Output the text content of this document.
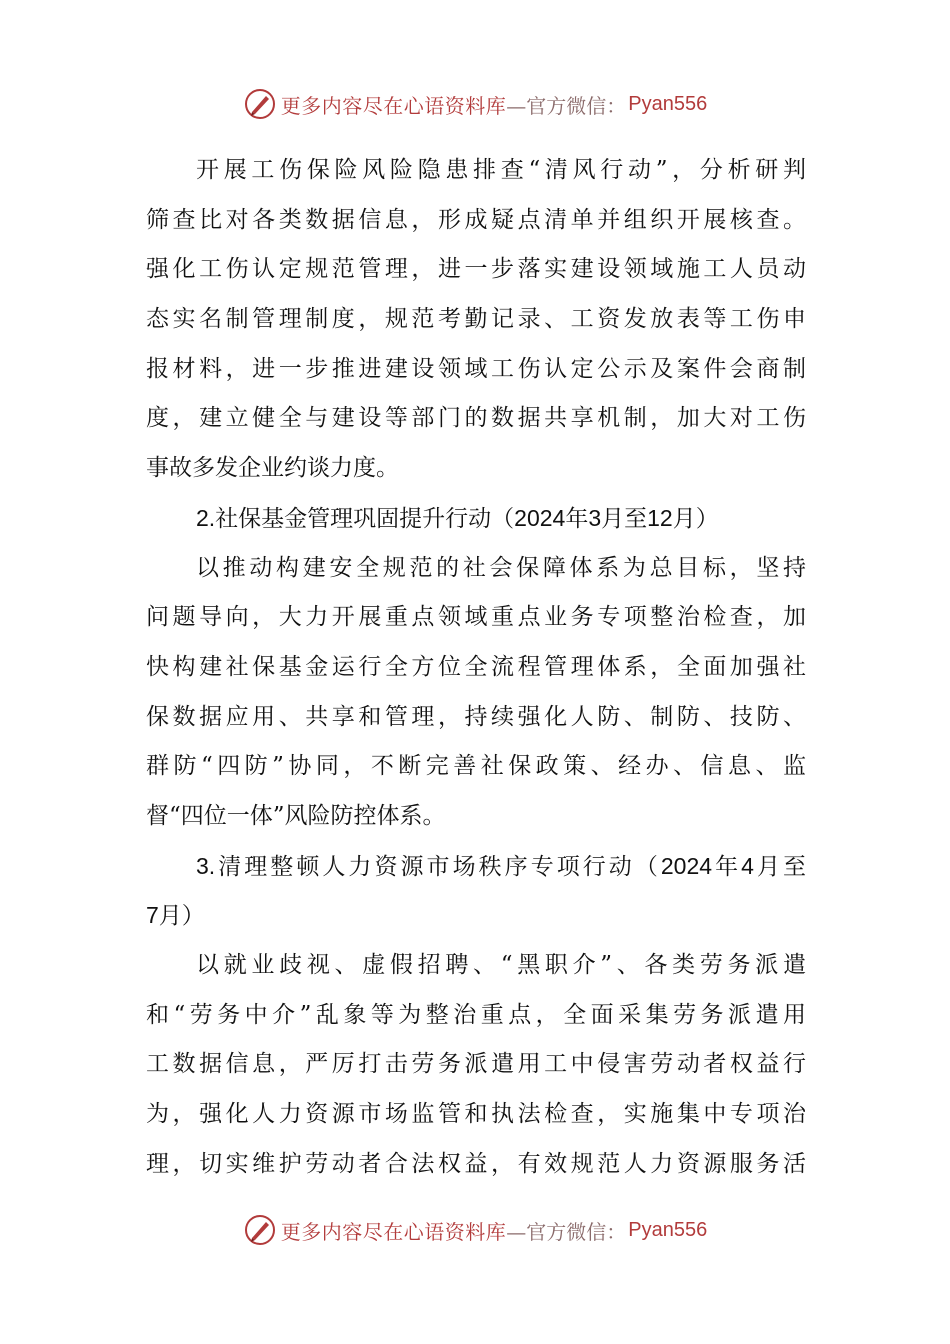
更多内容尽在心语资料库 —官方微信： Pyan556
开展工伤保险风险隐患排查“清风行动”，分析研判
筛查比对各类数据信息，形成疑点清单并组织开展核查。
强化工伤认定规范管理，进一步落实建设领域施工人员动
态实名制管理制度，规范考勤记录、工资发放表等工伤申
报材料，进一步推进建设领域工伤认定公示及案件会商制
度，建立健全与建设等部门的数据共享机制，加大对工伤
事故多发企业约谈力度。
2.社保基金管理巩固提升行动（2024年3月至12月）
以推动构建安全规范的社会保障体系为总目标，坚持
问题导向，大力开展重点领域重点业务专项整治检查，加
快构建社保基金运行全方位全流程管理体系，全面加强社
保数据应用、共享和管理，持续强化人防、制防、技防、
群防“四防”协同，不断完善社保政策、经办、信息、监
督“四位一体”风险防控体系。
3.清理整顿人力资源市场秩序专项行动（2024年4月至
7月）
以就业歧视、虚假招聘、“黑职介”、各类劳务派遣
和“劳务中介”乱象等为整治重点，全面采集劳务派遣用
工数据信息，严厉打击劳务派遣用工中侵害劳动者权益行
为，强化人力资源市场监管和执法检查，实施集中专项治
理，切实维护劳动者合法权益，有效规范人力资源服务活
更多内容尽在心语资料库 —官方微信： Pyan556
